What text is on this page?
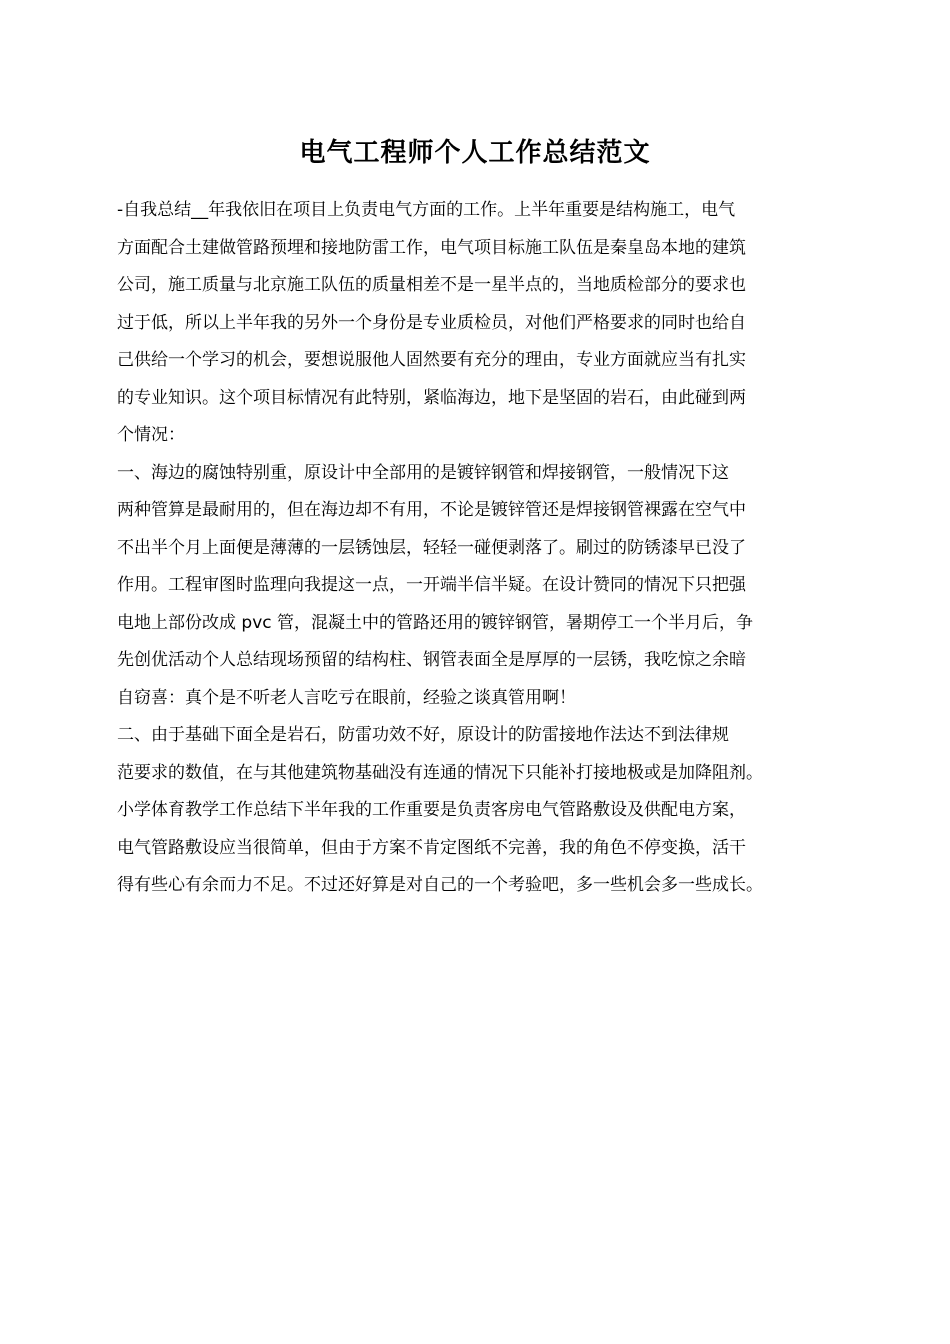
电气工程师个人工作总结范文

-自我总结__年我依旧在项目上负责电气方面的工作。上半年重要是结构施工，电气
方面配合土建做管路预埋和接地防雷工作，电气项目标施工队伍是秦皇岛本地的建筑
公司，施工质量与北京施工队伍的质量相差不是一星半点的，当地质检部分的要求也
过于低，所以上半年我的另外一个身份是专业质检员，对他们严格要求的同时也给自
己供给一个学习的机会，要想说服他人固然要有充分的理由，专业方面就应当有扎实
的专业知识。这个项目标情况有此特别，紧临海边，地下是坚固的岩石，由此碰到两
个情况：

一、海边的腐蚀特别重，原设计中全部用的是镀锌钢管和焊接钢管，一般情况下这
两种管算是最耐用的，但在海边却不有用，不论是镀锌管还是焊接钢管裸露在空气中
不出半个月上面便是薄薄的一层锈蚀层，轻轻一碰便剥落了。刷过的防锈漆早已没了
作用。工程审图时监理向我提这一点，一开端半信半疑。在设计赞同的情况下只把强
电地上部份改成 pvc 管，混凝土中的管路还用的镀锌钢管，暑期停工一个半月后，争
先创优活动个人总结现场预留的结构柱、钢管表面全是厚厚的一层锈，我吃惊之余暗
自窃喜：真个是不听老人言吃亏在眼前，经验之谈真管用啊！

二、由于基础下面全是岩石，防雷功效不好，原设计的防雷接地作法达不到法律规
范要求的数值，在与其他建筑物基础没有连通的情况下只能补打接地极或是加降阻剂。
小学体育教学工作总结下半年我的工作重要是负责客房电气管路敷设及供配电方案，
电气管路敷设应当很简单，但由于方案不肯定图纸不完善，我的角色不停变换，活干
得有些心有余而力不足。不过还好算是对自己的一个考验吧，多一些机会多一些成长。
